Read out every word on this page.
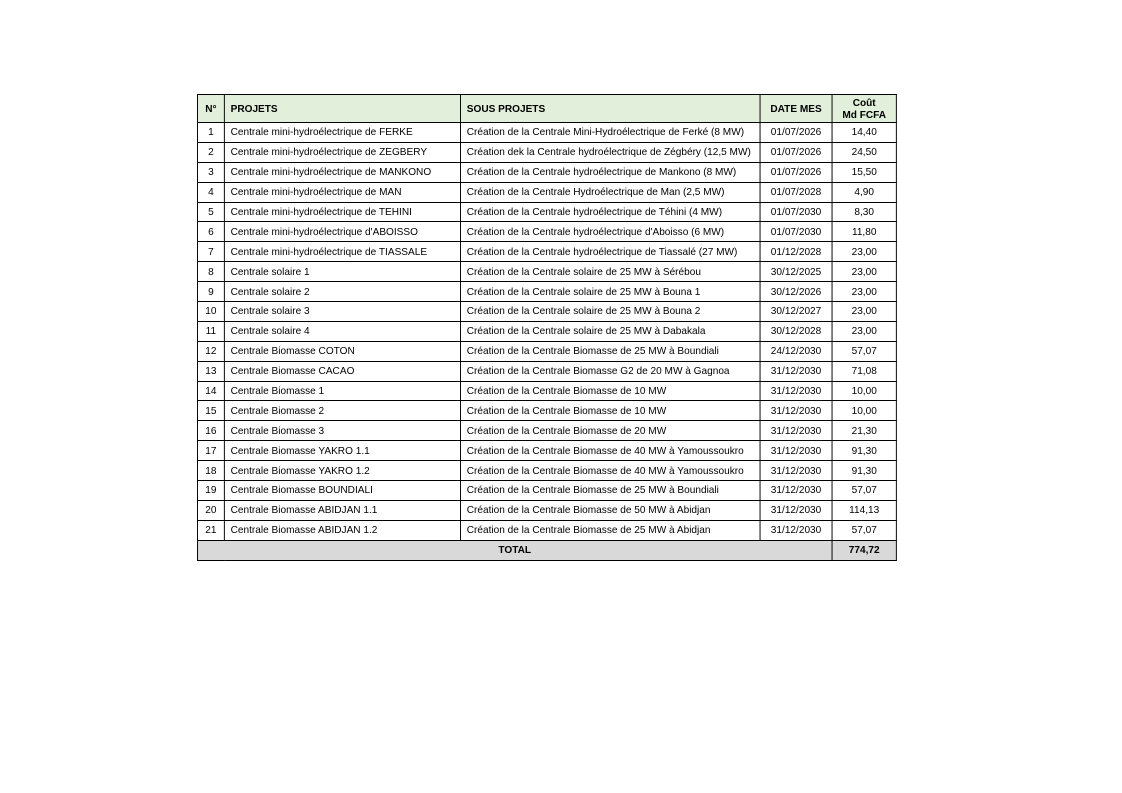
N°	PROJETS	SOUS PROJETS	DATE MES	Coût
Md FCFA
1	Centrale mini-hydroélectrique de FERKE	Création de la Centrale Mini-Hydroélectrique de Ferké (8 MW)	01/07/2026	14,40
2	Centrale mini-hydroélectrique de ZEGBERY	Création dek la Centrale hydroélectrique de Zégbéry (12,5 MW)	01/07/2026	24,50
3	Centrale mini-hydroélectrique de MANKONO	Création de la Centrale hydroélectrique de Mankono (8 MW)	01/07/2026	15,50
4	Centrale mini-hydroélectrique de MAN	Création de la Centrale Hydroélectrique de Man (2,5 MW)	01/07/2028	4,90
5	Centrale mini-hydroélectrique de TEHINI	Création de la Centrale hydroélectrique de Téhini (4 MW)	01/07/2030	8,30
6	Centrale mini-hydroélectrique d'ABOISSO	Création de la Centrale hydroélectrique d'Aboisso (6 MW)	01/07/2030	11,80
7	Centrale mini-hydroélectrique de TIASSALE	Création de la Centrale hydroélectrique de Tiassalé (27 MW)	01/12/2028	23,00
8	Centrale solaire 1	Création de la Centrale solaire de 25 MW à Sérébou	30/12/2025	23,00
9	Centrale solaire 2	Création de la Centrale solaire de 25 MW à Bouna 1	30/12/2026	23,00
10	Centrale solaire 3	Création de la Centrale solaire de 25 MW à Bouna 2	30/12/2027	23,00
11	Centrale solaire 4	Création de la Centrale solaire de 25 MW à Dabakala	30/12/2028	23,00
12	Centrale Biomasse COTON	Création de la Centrale Biomasse de 25 MW à Boundiali	24/12/2030	57,07
13	Centrale Biomasse CACAO	Création de la Centrale Biomasse G2 de 20 MW à Gagnoa	31/12/2030	71,08
14	Centrale Biomasse 1	Création de la Centrale Biomasse de 10 MW	31/12/2030	10,00
15	Centrale Biomasse 2	Création de la Centrale Biomasse de 10 MW	31/12/2030	10,00
16	Centrale Biomasse 3	Création de la Centrale Biomasse de 20 MW	31/12/2030	21,30
17	Centrale Biomasse YAKRO 1.1	Création de la Centrale Biomasse de 40 MW à Yamoussoukro	31/12/2030	91,30
18	Centrale Biomasse YAKRO 1.2	Création de la Centrale Biomasse de 40 MW à Yamoussoukro	31/12/2030	91,30
19	Centrale Biomasse BOUNDIALI	Création de la Centrale Biomasse de 25 MW à Boundiali	31/12/2030	57,07
20	Centrale Biomasse ABIDJAN 1.1	Création de la Centrale Biomasse de 50 MW à Abidjan	31/12/2030	114,13
21	Centrale Biomasse ABIDJAN 1.2	Création de la Centrale Biomasse de 25 MW à Abidjan	31/12/2030	57,07
TOTAL				774,72
